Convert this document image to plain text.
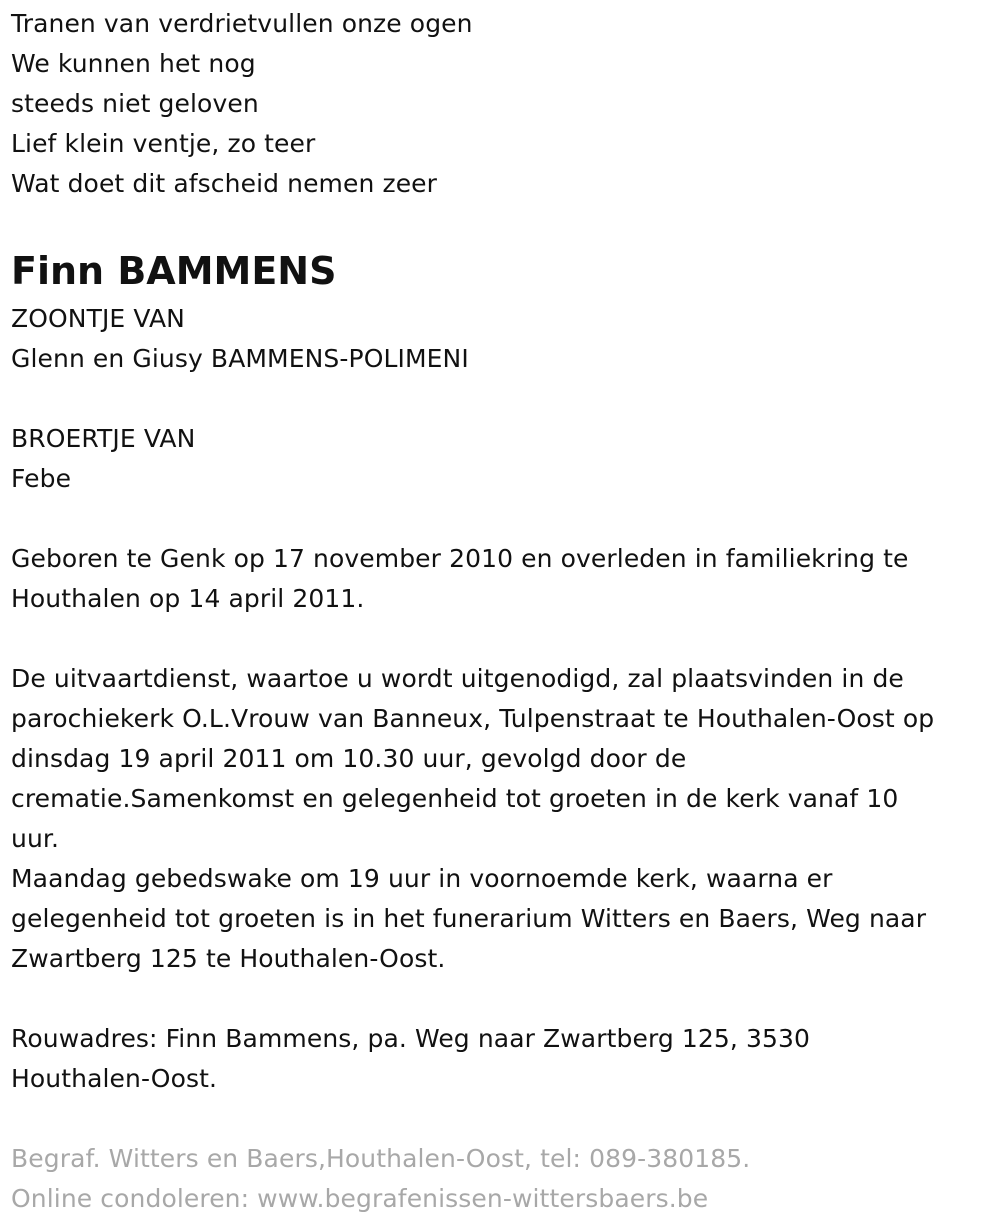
Tranen van verdrietvullen onze ogen
We kunnen het nog
steeds niet geloven
Lief klein ventje, zo teer
Wat doet dit afscheid nemen zeer
Finn BAMMENS
ZOONTJE VAN
Glenn en Giusy BAMMENS-POLIMENI
BROERTJE VAN
Febe
Geboren te Genk op 17 november 2010 en overleden in familiekring te
Houthalen op 14 april 2011.
De uitvaartdienst, waartoe u wordt uitgenodigd, zal plaatsvinden in de
parochiekerk O.L.Vrouw van Banneux, Tulpenstraat te Houthalen-Oost op
dinsdag 19 april 2011 om 10.30 uur, gevolgd door de
crematie.Samenkomst en gelegenheid tot groeten in de kerk vanaf 10
uur.
Maandag gebedswake om 19 uur in voornoemde kerk, waarna er
gelegenheid tot groeten is in het funerarium Witters en Baers, Weg naar
Zwartberg 125 te Houthalen-Oost.
Rouwadres: Finn Bammens, pa. Weg naar Zwartberg 125, 3530
Houthalen-Oost.
Begraf. Witters en Baers,Houthalen-Oost, tel: 089-380185.
Online condoleren: www.begrafenissen-wittersbaers.be
